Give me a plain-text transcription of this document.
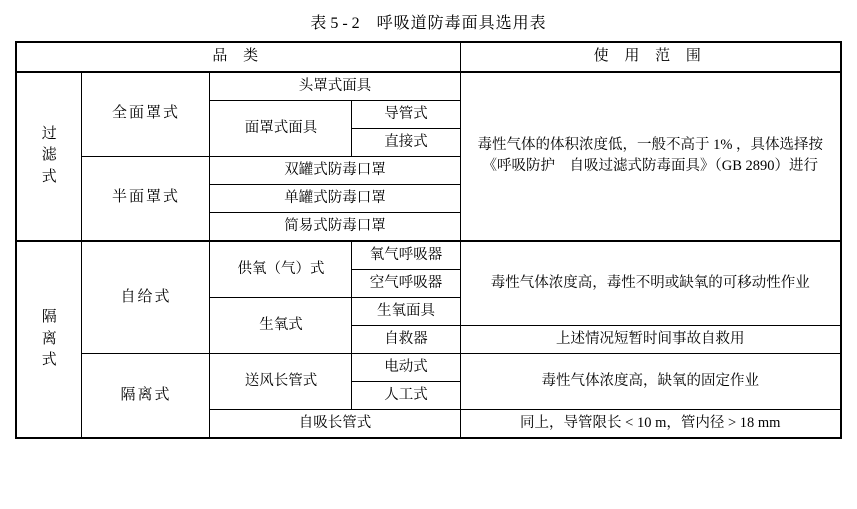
表 5 - 2 呼吸道防毒面具选用表
品 类				使 用 范 围

过
滤
式	全面罩式	头罩式面具		毒性气体的体积浓度低，一般不高于 1% ，具体选择按《呼吸防护　自吸过滤式防毒面具》（GB 2890）进行
		面罩式面具	导管式	
			直接式	
	半面罩式	双罐式防毒口罩		
		单罐式防毒口罩		
		简易式防毒口罩		

隔
离
式	自给式	供氧（气）式	氧气呼吸器	毒性气体浓度高，毒性不明或缺氧的可移动性作业
			空气呼吸器	
		生氧式	生氧面具	
			自救器	上述情况短暂时间事故自救用
	隔离式	送风长管式	电动式	毒性气体浓度高，缺氧的固定作业
			人工式	
		自吸长管式		同上，导管限长 < 10 m，管内径 > 18 mm
